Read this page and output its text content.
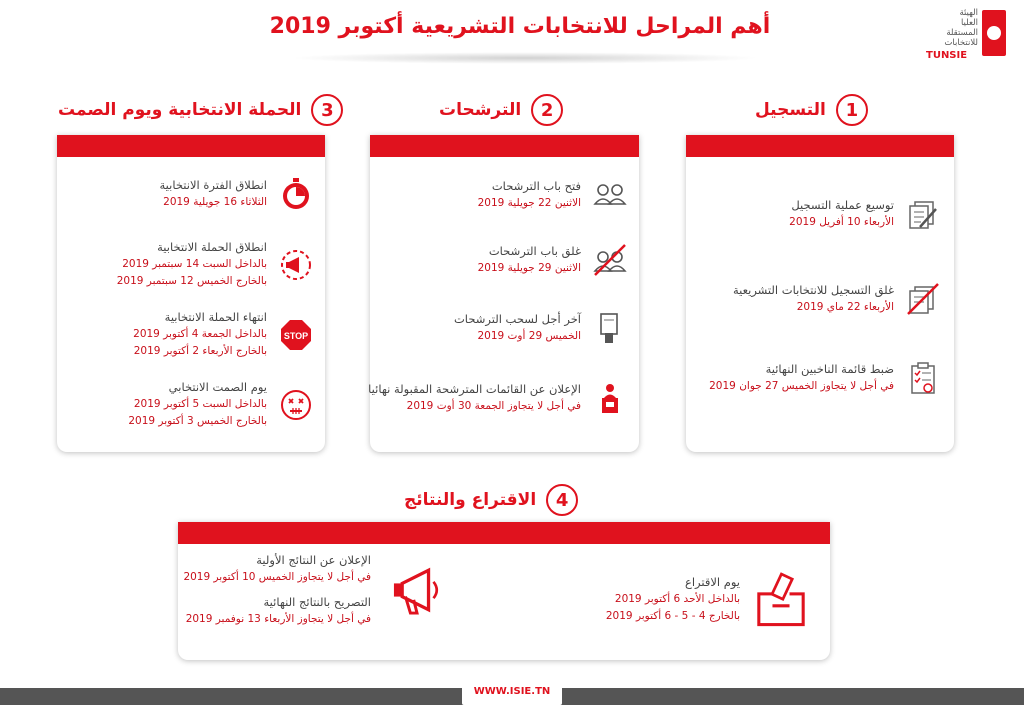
أهم المراحل للانتخابات التشريعية أكتوبر 2019
الهيئة
العليا
المستقلة
للانتخابات
TUNSIE
1
التسجيل
توسيع عملية التسجيل
الأربعاء 10 أفريل 2019
غلق التسجيل للانتخابات التشريعية
الأربعاء 22 ماي 2019
ضبط قائمة الناخبين النهائية
في أجل لا يتجاوز الخميس 27 جوان 2019
2
الترشحات
فتح باب الترشحات
الاثنين 22 جويلية 2019
غلق باب الترشحات
الاثنين 29 جويلية 2019
آخر أجل لسحب الترشحات
الخميس 29 أوت 2019
الإعلان عن القائمات المترشحة المقبولة نهائيا
في أجل لا يتجاوز الجمعة 30 أوت 2019
3
الحملة الانتخابية ويوم الصمت
انطلاق الفترة الانتخابية
الثلاثاء 16 جويلية 2019
انطلاق الحملة الانتخابية
بالداخل السبت 14 سبتمبر 2019
بالخارج الخميس 12 سبتمبر 2019
انتهاء الحملة الانتخابية
بالداخل الجمعة 4 أكتوبر 2019
بالخارج الأربعاء 2 أكتوبر 2019
STOP
يوم الصمت الانتخابي
بالداخل السبت 5 أكتوبر 2019
بالخارج الخميس 3 أكتوبر 2019
4
الاقتراع والنتائج
يوم الاقتراع
بالداخل الأحد 6 أكتوبر 2019
بالخارج 4 - 5 - 6 أكتوبر 2019
الإعلان عن النتائج الأولية
في أجل لا يتجاوز الخميس 10 أكتوبر 2019
التصريح بالنتائج النهائية
في أجل لا يتجاوز الأربعاء 13 نوفمبر 2019
WWW.ISIE.TN
